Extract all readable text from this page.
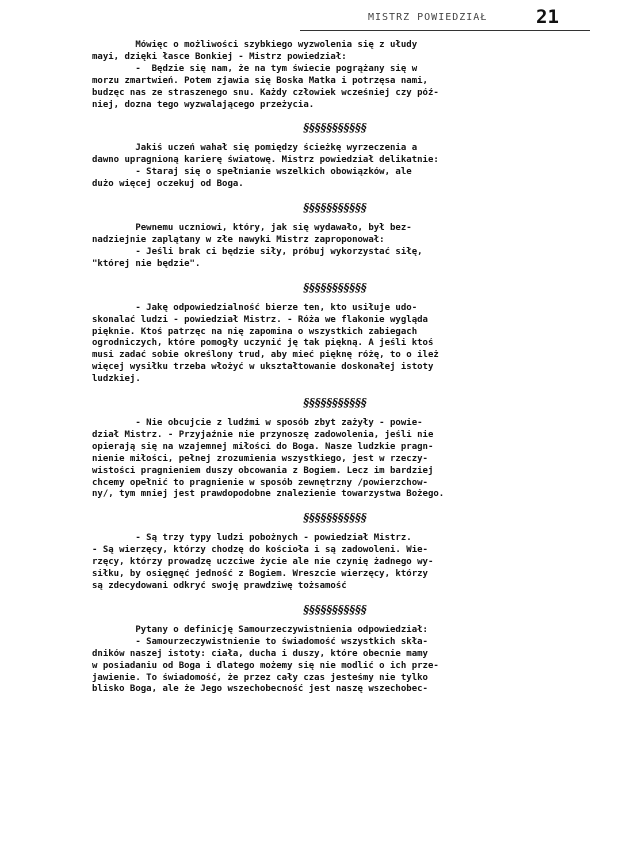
MISTRZ POWIEDZIAŁ	21
Mówięc o możliwości szybkiego wyzwolenia się z ułudy
mayi, dzięki łasce Bonkiej - Mistrz powiedział:
-  Będzie się nam, że na tym świecie pogrążany się w
morzu zmartwień. Potem zjawia się Boska Matka i potrzęsa nami,
budzęc nas ze straszenego snu. Każdy człowiek wcześniej czy póź-
niej, dozna tego wyzwalającego przeżycia.
§§§§§§§§§§§
Jakiś uczeń wahał się pomiędzy ścieżkę wyrzeczenia a
dawno upragnioną karierę światowę. Mistrz powiedział delikatnie:
- Staraj się o spełnianie wszelkich obowiązków, ale
dużo więcej oczekuj od Boga.
§§§§§§§§§§§
Pewnemu uczniowi, który, jak się wydawało, był bez-
nadziejnie zaplątany w złe nawyki Mistrz zaproponował:
- Jeśli brak ci będzie siły, próbuj wykorzystać siłę,
"której nie będzie".
§§§§§§§§§§§
- Jakę odpowiedzialność bierze ten, kto usiłuje udo-
skonalać ludzi - powiedział Mistrz. - Róża we flakonie wygląda
pięknie. Ktoś patrzęc na nię zapomina o wszystkich zabiegach
ogrodniczych, które pomogły uczynić ję tak piękną. A jeśli ktoś
musi zadać sobie określony trud, aby mieć pięknę różę, to o ileż
więcej wysiłku trzeba włożyć w ukształtowanie doskonałej istoty
ludzkiej.
§§§§§§§§§§§
- Nie obcujcie z ludźmi w sposób zbyt zażyły - powie-
dział Mistrz. - Przyjaźnie nie przynoszę zadowolenia, jeśli nie
opierają się na wzajemnej miłości do Boga. Nasze ludzkie pragn-
nienie miłości, pełnej zrozumienia wszystkiego, jest w rzeczy-
wistości pragnieniem duszy obcowania z Bogiem. Lecz im bardziej
chcemy opełnić to pragnienie w sposób zewnętrzny /powierzchow-
ny/, tym mniej jest prawdopodobne znalezienie towarzystwa Bożego.
§§§§§§§§§§§
- Są trzy typy ludzi pobożnych - powiedział Mistrz.
- Są wierzęcy, którzy chodzę do kościoła i są zadowoleni. Wie-
rzęcy, którzy prowadzę uczciwe życie ale nie czynię żadnego wy-
siłku, by osięgnęć jedność z Bogiem. Wreszcie wierzęcy, którzy
są zdecydowani odkryć swoję prawdziwę tożsamość
§§§§§§§§§§§
Pytany o definicję Samourzeczywistnienia odpowiedział:
- Samourzeczywistnienie to świadomość wszystkich skła-
dników naszej istoty: ciała, ducha i duszy, które obecnie mamy
w posiadaniu od Boga i dlatego możemy się nie modlić o ich prze-
jawienie. To świadomość, że przez cały czas jesteśmy nie tylko
blisko Boga, ale że Jego wszechobecność jest naszę wszechobec-
